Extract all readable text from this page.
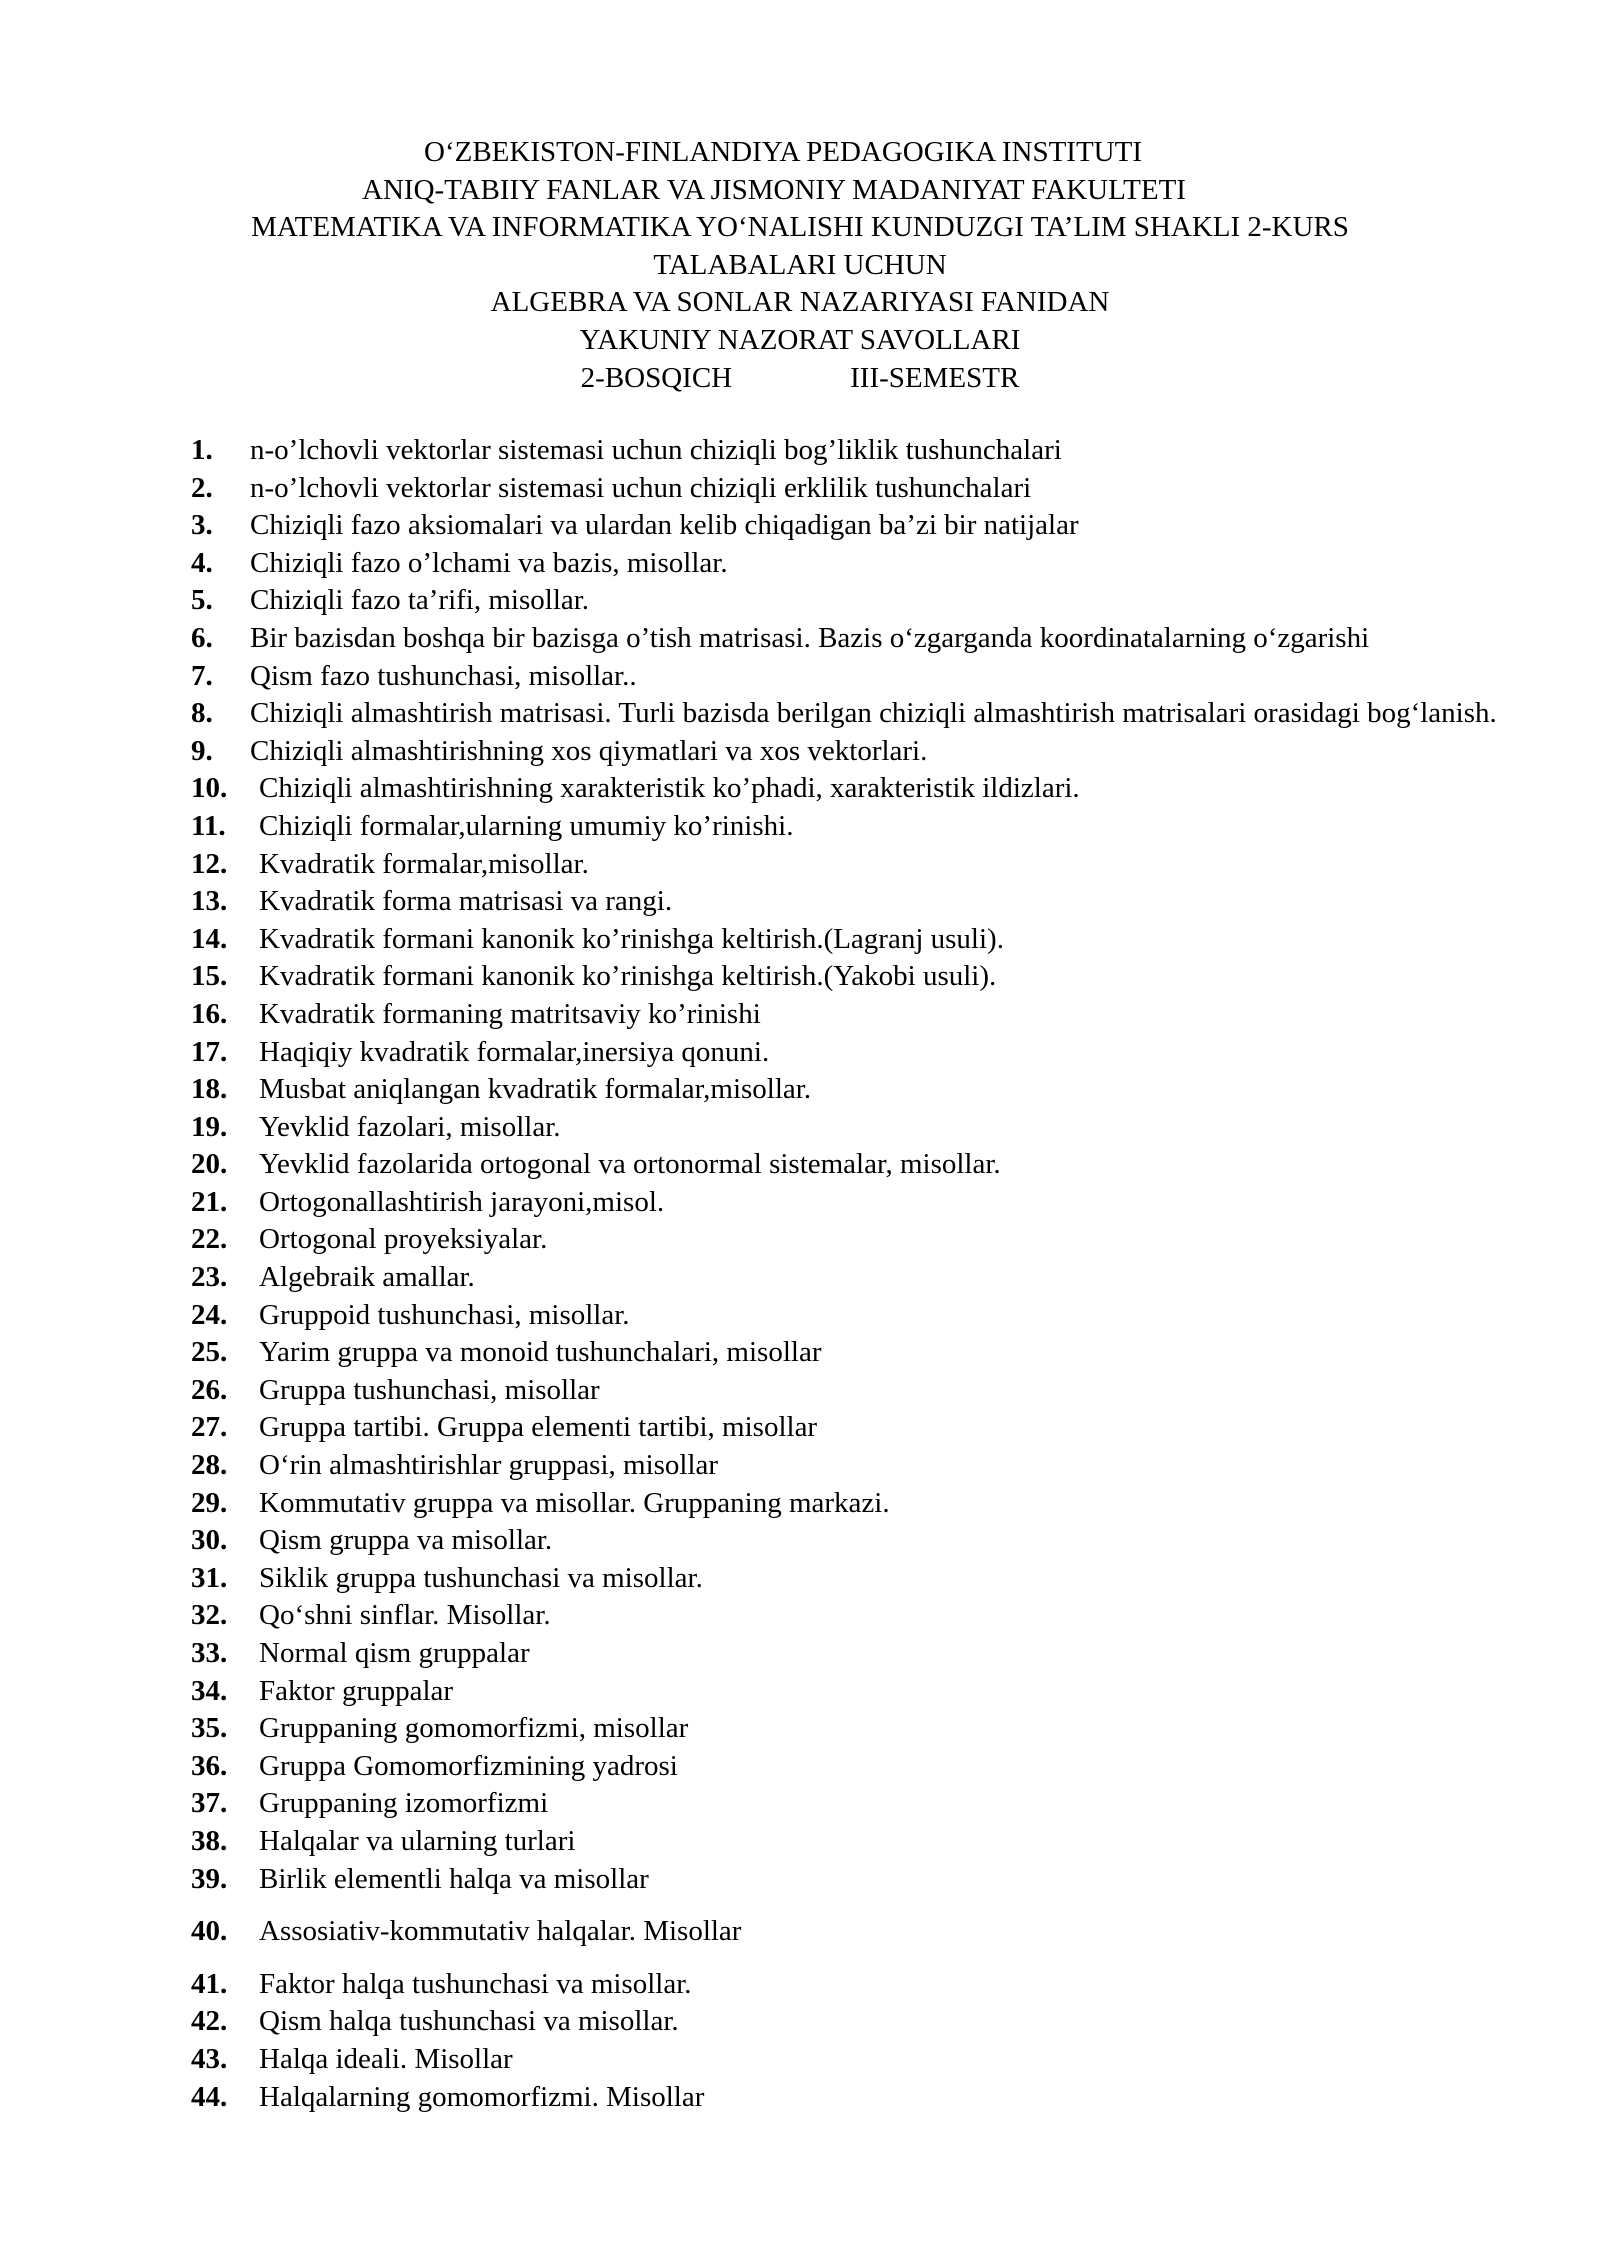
O‘ZBEKISTON-FINLANDIYA PEDAGOGIKA INSTITUTI
ANIQ-TABIIY FANLAR VA JISMONIY MADANIYAT FAKULTETI
MATEMATIKA VA INFORMATIKA YO‘NALISHI KUNDUZGI TA’LIM SHAKLI 2-KURS
TALABALARI UCHUN
ALGEBRA VA SONLAR NAZARIYASI FANIDAN
YAKUNIY NAZORAT SAVOLLARI
2-BOSQICH	III-SEMESTR
1. n-o’lchovli vektorlar sistemasi uchun chiziqli bog’liklik tushunchalari
2. n-o’lchovli vektorlar sistemasi uchun chiziqli erklilik tushunchalari
3. Chiziqli fazo aksiomalari va ulardan kelib chiqadigan ba’zi bir natijalar
4. Chiziqli fazo o’lchami va bazis, misollar.
5. Chiziqli fazo ta’rifi, misollar.
6. Bir bazisdan boshqa bir bazisga o’tish matrisasi. Bazis o‘zgarganda koordinatalarning o‘zgarishi
7. Qism fazo tushunchasi, misollar..
8. Chiziqli almashtirish matrisasi. Turli bazisda berilgan chiziqli almashtirish matrisalari orasidagi bog‘lanish.
9. Chiziqli almashtirishning xos qiymatlari va xos vektorlari.
10. Chiziqli almashtirishning xarakteristik ko’phadi, xarakteristik ildizlari.
11. Chiziqli formalar,ularning umumiy ko’rinishi.
12. Kvadratik formalar,misollar.
13. Kvadratik forma matrisasi va rangi.
14. Kvadratik formani kanonik ko’rinishga keltirish.(Lagranj usuli).
15. Kvadratik formani kanonik ko’rinishga keltirish.(Yakobi usuli).
16. Kvadratik formaning matritsaviy ko’rinishi
17. Haqiqiy kvadratik formalar,inersiya qonuni.
18. Musbat aniqlangan kvadratik formalar,misollar.
19. Yevklid fazolari, misollar.
20. Yevklid fazolarida ortogonal va ortonormal sistemalar, misollar.
21. Ortogonallashtirish jarayoni,misol.
22. Ortogonal proyeksiyalar.
23. Algebraik amallar.
24. Gruppoid tushunchasi, misollar.
25. Yarim gruppa va monoid tushunchalari, misollar
26. Gruppa tushunchasi, misollar
27. Gruppa tartibi. Gruppa elementi tartibi, misollar
28. O‘rin almashtirishlar gruppasi, misollar
29. Kommutativ gruppa va misollar. Gruppaning markazi.
30. Qism gruppa va misollar.
31. Siklik gruppa tushunchasi va misollar.
32. Qo‘shni sinflar. Misollar.
33. Normal qism gruppalar
34. Faktor gruppalar
35. Gruppaning gomomorfizmi, misollar
36. Gruppa Gomomorfizmining yadrosi
37. Gruppaning izomorfizmi
38. Halqalar va ularning turlari
39. Birlik elementli halqa va misollar
40. Assosiativ-kommutativ halqalar. Misollar
41. Faktor halqa tushunchasi va misollar.
42. Qism halqa tushunchasi va misollar.
43. Halqa ideali. Misollar
44. Halqalarning gomomorfizmi. Misollar
